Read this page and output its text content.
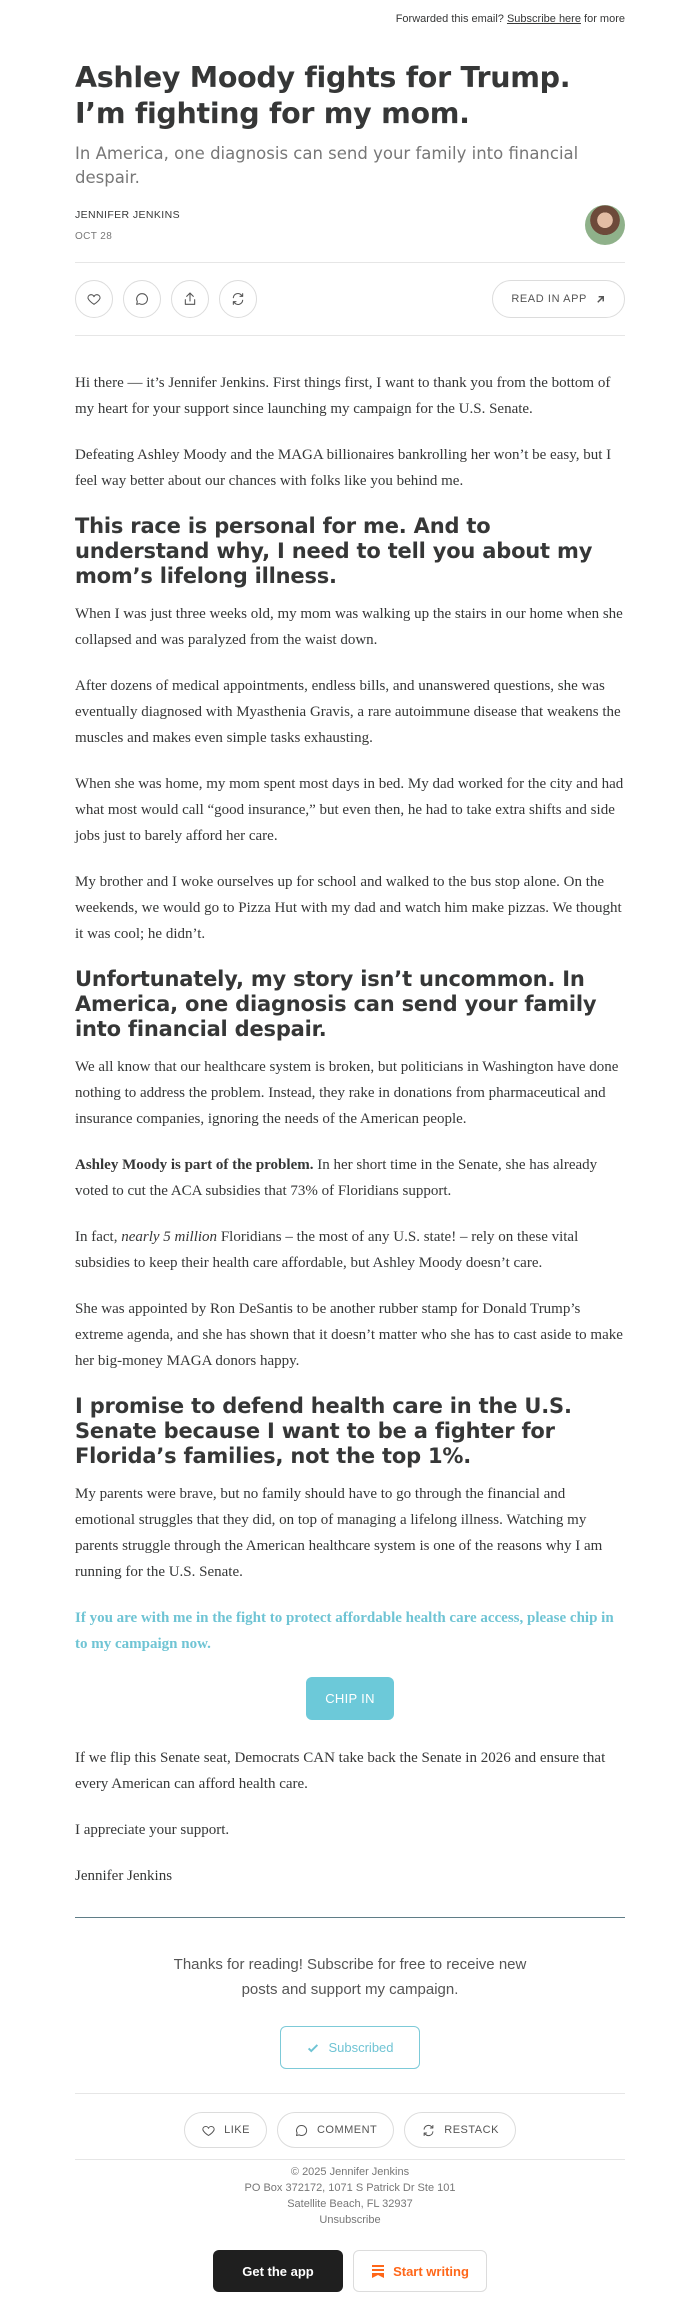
Forwarded this email? Subscribe here for more
Ashley Moody fights for Trump. I’m fighting for my mom.
In America, one diagnosis can send your family into financial despair.
JENNIFER JENKINS
OCT 28
READ IN APP

Hi there — it’s Jennifer Jenkins. First things first, I want to thank you from the bottom of my heart for your support since launching my campaign for the U.S. Senate.

Defeating Ashley Moody and the MAGA billionaires bankrolling her won’t be easy, but I feel way better about our chances with folks like you behind me.

This race is personal for me. And to understand why, I need to tell you about my mom’s lifelong illness.

When I was just three weeks old, my mom was walking up the stairs in our home when she collapsed and was paralyzed from the waist down.

After dozens of medical appointments, endless bills, and unanswered questions, she was eventually diagnosed with Myasthenia Gravis, a rare autoimmune disease that weakens the muscles and makes even simple tasks exhausting.

When she was home, my mom spent most days in bed. My dad worked for the city and had what most would call “good insurance,” but even then, he had to take extra shifts and side jobs just to barely afford her care.

My brother and I woke ourselves up for school and walked to the bus stop alone. On the weekends, we would go to Pizza Hut with my dad and watch him make pizzas. We thought it was cool; he didn’t.

Unfortunately, my story isn’t uncommon. In America, one diagnosis can send your family into financial despair.

We all know that our healthcare system is broken, but politicians in Washington have done nothing to address the problem. Instead, they rake in donations from pharmaceutical and insurance companies, ignoring the needs of the American people.

Ashley Moody is part of the problem. In her short time in the Senate, she has already voted to cut the ACA subsidies that 73% of Floridians support.

In fact, nearly 5 million Floridians – the most of any U.S. state! – rely on these vital subsidies to keep their health care affordable, but Ashley Moody doesn’t care.

She was appointed by Ron DeSantis to be another rubber stamp for Donald Trump’s extreme agenda, and she has shown that it doesn’t matter who she has to cast aside to make her big-money MAGA donors happy.

I promise to defend health care in the U.S. Senate because I want to be a fighter for Florida’s families, not the top 1%.

My parents were brave, but no family should have to go through the financial and emotional struggles that they did, on top of managing a lifelong illness. Watching my parents struggle through the American healthcare system is one of the reasons why I am running for the U.S. Senate.

If you are with me in the fight to protect affordable health care access, please chip in to my campaign now.

CHIP IN

If we flip this Senate seat, Democrats CAN take back the Senate in 2026 and ensure that every American can afford health care.

I appreciate your support.

Jennifer Jenkins

Thanks for reading! Subscribe for free to receive new
posts and support my campaign.
Subscribed
LIKE	COMMENT	RESTACK
© 2025 Jennifer Jenkins
PO Box 372172, 1071 S Patrick Dr Ste 101
Satellite Beach, FL 32937
Unsubscribe
Get the app	Start writing
